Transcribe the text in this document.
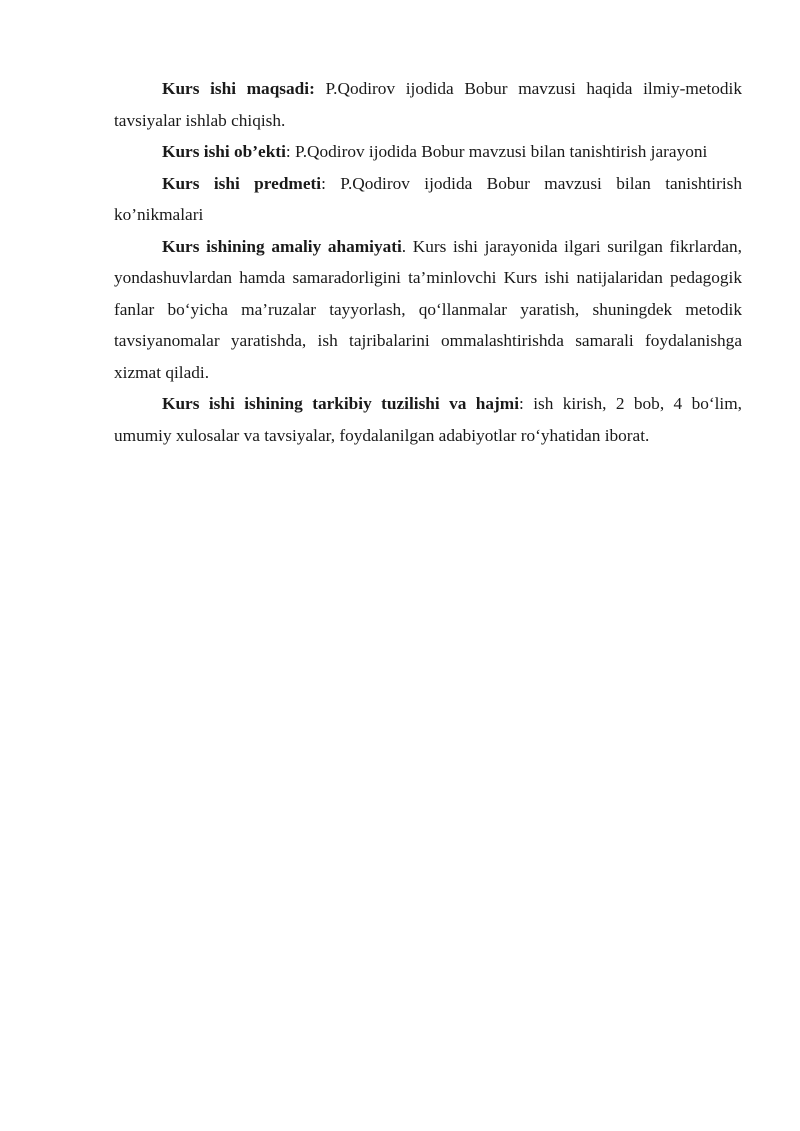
Kurs ishi maqsadi: P.Qodirov ijodida Bobur mavzusi haqida ilmiy-metodik tavsiyalar ishlab chiqish.

Kurs ishi ob’ekti: P.Qodirov ijodida Bobur mavzusi bilan tanishtirish jarayoni

Kurs ishi predmeti: P.Qodirov ijodida Bobur mavzusi bilan tanishtirish ko’nikmalari

Kurs ishining amaliy ahamiyati. Kurs ishi jarayonida ilgari surilgan fikrlardan, yondashuvlardan hamda samaradorligini ta’minlovchi Kurs ishi natijalaridan pedagogik fanlar bo‘yicha ma’ruzalar tayyorlash, qo‘llanmalar yaratish, shuningdek metodik tavsiyanomalar yaratishda, ish tajribalarini ommalashtirishda samarali foydalanishga xizmat qiladi.

Kurs ishi ishining tarkibiy tuzilishi va hajmi: ish kirish, 2 bob, 4 bo‘lim, umumiy xulosalar va tavsiyalar, foydalanilgan adabiyotlar ro‘yhatidan iborat.
